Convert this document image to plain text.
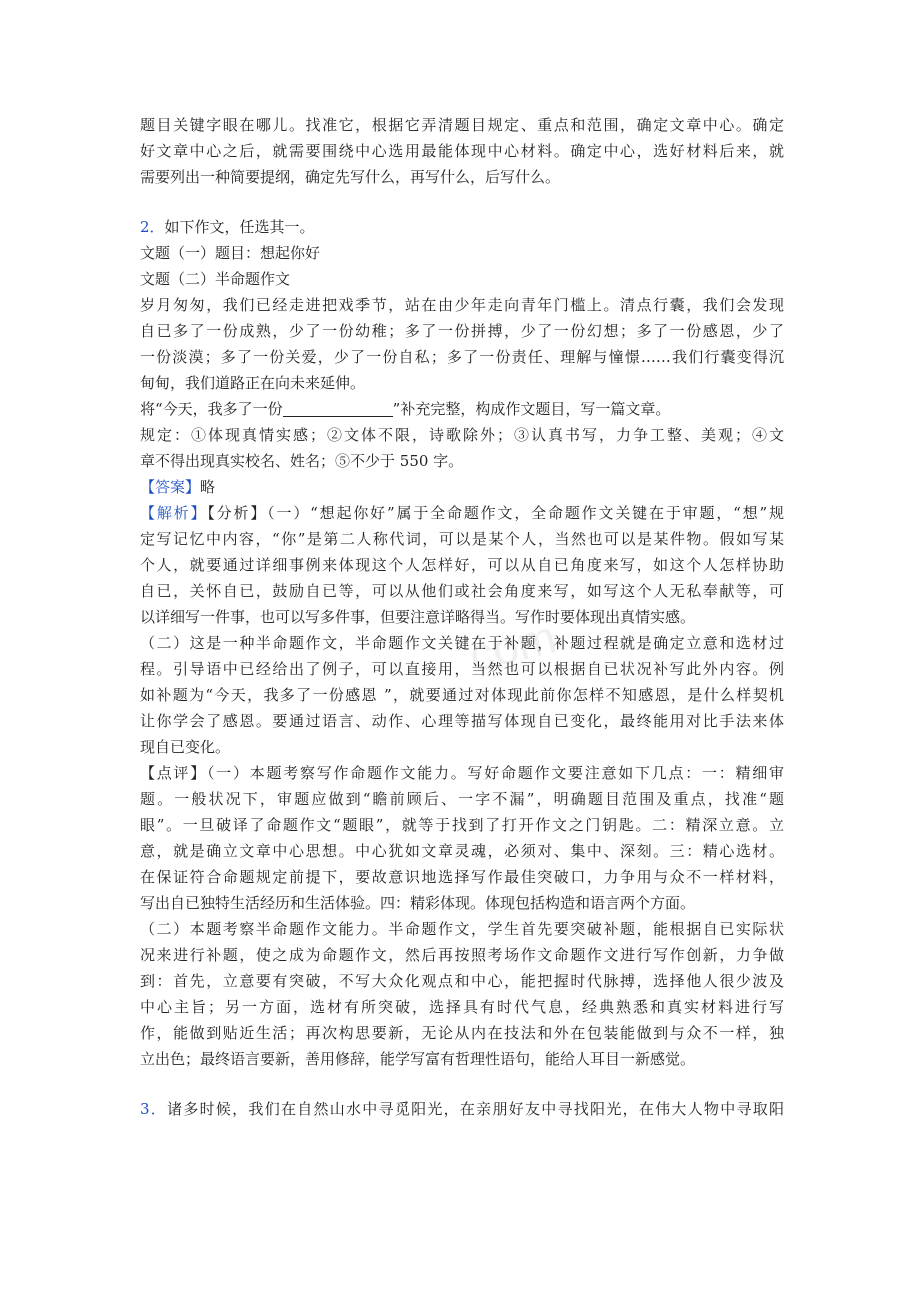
com
题目关键字眼在哪儿。找准它，根据它弄清题目规定、重点和范围，确定文章中心。确定
好文章中心之后，就需要围绕中心选用最能体现中心材料。确定中心，选好材料后来，就
需要列出一种简要提纲，确定先写什么，再写什么，后写什么。
2．如下作文，任选其一。
文题（一）题目：想起你好
文题（二）半命题作文
岁月匆匆，我们已经走进把戏季节，站在由少年走向青年门槛上。清点行囊，我们会发现
自已多了一份成熟，少了一份幼稚；多了一份拼搏，少了一份幻想；多了一份感恩，少了
一份淡漠；多了一份关爱，少了一份自私；多了一份责任、理解与憧憬……我们行囊变得沉
甸甸，我们道路正在向未来延伸。
将“今天，我多了一份	”补充完整，构成作文题目，写一篇文章。
规定：①体现真情实感；②文体不限，诗歌除外；③认真书写，力争工整、美观；④文
章不得出现真实校名、姓名；⑤不少于 550 字。
【答案】略
【解析】【分析】（一）“想起你好”属于全命题作文，全命题作文关键在于审题，“想”规
定写记忆中内容，“你”是第二人称代词，可以是某个人，当然也可以是某件物。假如写某
个人，就要通过详细事例来体现这个人怎样好，可以从自已角度来写，如这个人怎样协助
自已，关怀自已，鼓励自已等，可以从他们或社会角度来写，如写这个人无私奉献等，可
以详细写一件事，也可以写多件事，但要注意详略得当。写作时要体现出真情实感。
（二）这是一种半命题作文，半命题作文关键在于补题，补题过程就是确定立意和选材过
程。引导语中已经给出了例子，可以直接用，当然也可以根据自已状况补写此外内容。例
如补题为“今天，我多了一份感恩 ”，就要通过对体现此前你怎样不知感恩，是什么样契机
让你学会了感恩。要通过语言、动作、心理等描写体现自已变化，最终能用对比手法来体
现自已变化。
【点评】（一）本题考察写作命题作文能力。写好命题作文要注意如下几点：一：精细审
题。一般状况下，审题应做到“瞻前顾后、一字不漏”，明确题目范围及重点，找准“题
眼”。一旦破译了命题作文“题眼”，就等于找到了打开作文之门钥匙。二：精深立意。立
意，就是确立文章中心思想。中心犹如文章灵魂，必须对、集中、深刻。三：精心选材。
在保证符合命题规定前提下，要故意识地选择写作最佳突破口，力争用与众不一样材料，
写出自已独特生活经历和生活体验。四：精彩体现。体现包括构造和语言两个方面。
（二）本题考察半命题作文能力。半命题作文，学生首先要突破补题，能根据自已实际状
况来进行补题，使之成为命题作文，然后再按照考场作文命题作文进行写作创新，力争做
到：首先，立意要有突破，不写大众化观点和中心，能把握时代脉搏，选择他人很少波及
中心主旨；另一方面，选材有所突破，选择具有时代气息，经典熟悉和真实材料进行写
作，能做到贴近生活；再次构思要新，无论从内在技法和外在包装能做到与众不一样，独
立出色；最终语言要新，善用修辞，能学写富有哲理性语句，能给人耳目一新感觉。
3．诸多时候，我们在自然山水中寻觅阳光，在亲朋好友中寻找阳光，在伟大人物中寻取阳
